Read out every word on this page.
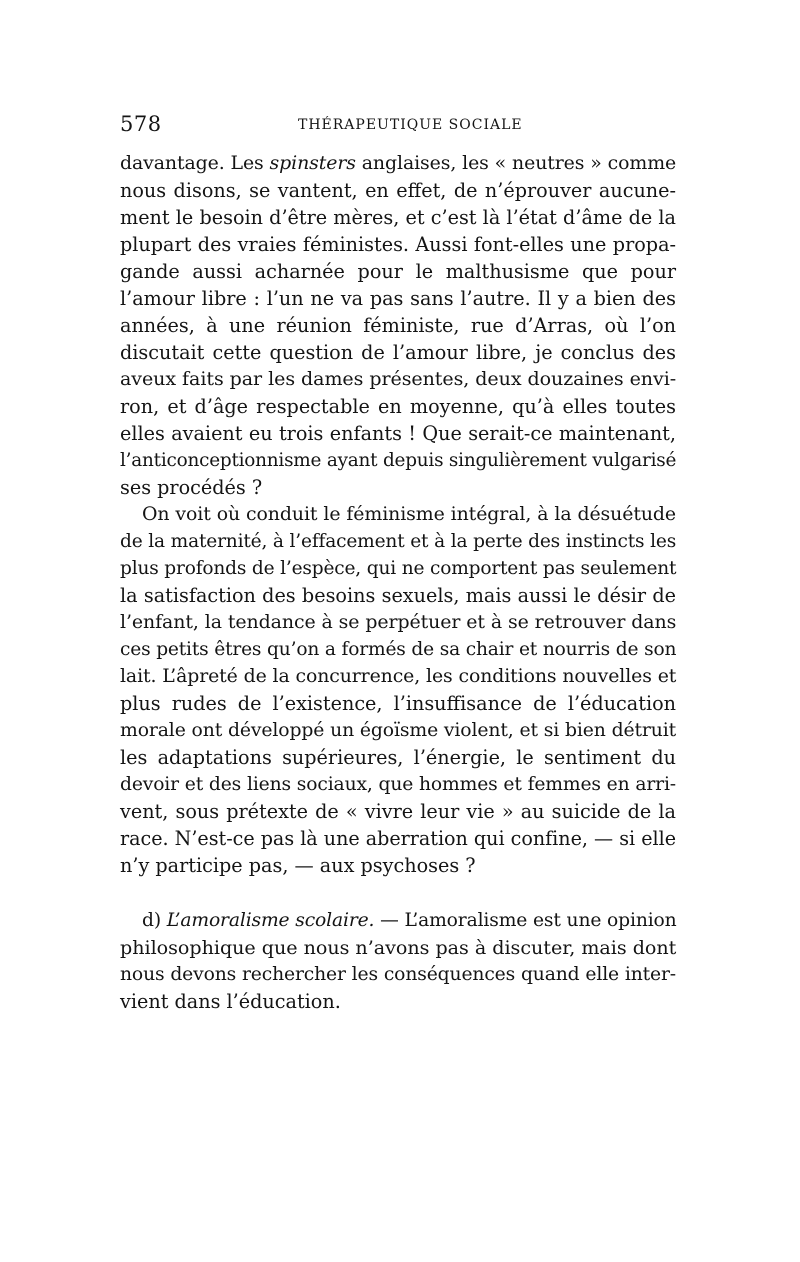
578	THÉRAPEUTIQUE SOCIALE
davantage. Les spinsters anglaises, les « neutres » comme
nous disons, se vantent, en effet, de n’éprouver aucune-
ment le besoin d’être mères, et c’est là l’état d’âme de la
plupart des vraies féministes. Aussi font-elles une propa-
gande aussi acharnée pour le malthusisme que pour
l’amour libre : l’un ne va pas sans l’autre. Il y a bien des
années, à une réunion féministe, rue d’Arras, où l’on
discutait cette question de l’amour libre, je conclus des
aveux faits par les dames présentes, deux douzaines envi-
ron, et d’âge respectable en moyenne, qu’à elles toutes
elles avaient eu trois enfants ! Que serait-ce maintenant,
l’anticonceptionnisme ayant depuis singulièrement vulgarisé
ses procédés ?
On voit où conduit le féminisme intégral, à la désuétude
de la maternité, à l’effacement et à la perte des instincts les
plus profonds de l’espèce, qui ne comportent pas seulement
la satisfaction des besoins sexuels, mais aussi le désir de
l’enfant, la tendance à se perpétuer et à se retrouver dans
ces petits êtres qu’on a formés de sa chair et nourris de son
lait. L’âpreté de la concurrence, les conditions nouvelles et
plus rudes de l’existence, l’insuffisance de l’éducation
morale ont développé un égoïsme violent, et si bien détruit
les adaptations supérieures, l’énergie, le sentiment du
devoir et des liens sociaux, que hommes et femmes en arri-
vent, sous prétexte de « vivre leur vie » au suicide de la
race. N’est-ce pas là une aberration qui confine, — si elle
n’y participe pas, — aux psychoses ?
d) L’amoralisme scolaire. — L’amoralisme est une opinion
philosophique que nous n’avons pas à discuter, mais dont
nous devons rechercher les conséquences quand elle inter-
vient dans l’éducation.
